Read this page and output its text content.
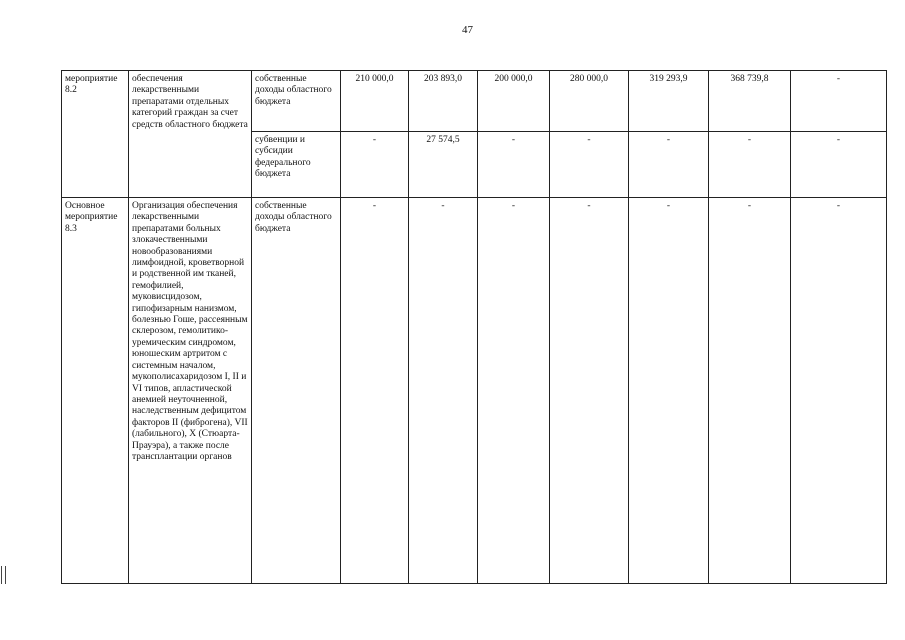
47
мероприятие 8.2	обеспечения лекарственными препаратами отдельных категорий граждан за счет средств областного бюджета	собственные доходы областного бюджета	210 000,0	203 893,0	200 000,0	280 000,0	319 293,9	368 739,8	-
		субвенции и субсидии федерального бюджета	-	27 574,5	-	-	-	-	-
Основное мероприятие 8.3	Организация обеспечения лекарственными препаратами больных злокачественными новообразованиями лимфоидной, кроветворной и родственной им тканей, гемофилией, муковисцидозом, гипофизарным нанизмом, болезнью Гоше, рассеянным склерозом, гемолитико-уремическим синдромом, юношеским артритом с системным началом, мукополисахаридозом I, II и VI типов, апластической анемией неуточненной, наследственным дефицитом факторов II (фиброгена), VII (лабильного), X (Стюарта-Прауэра), а также после трансплантации органов	собственные доходы областного бюджета	-	-	-	-	-	-	-
